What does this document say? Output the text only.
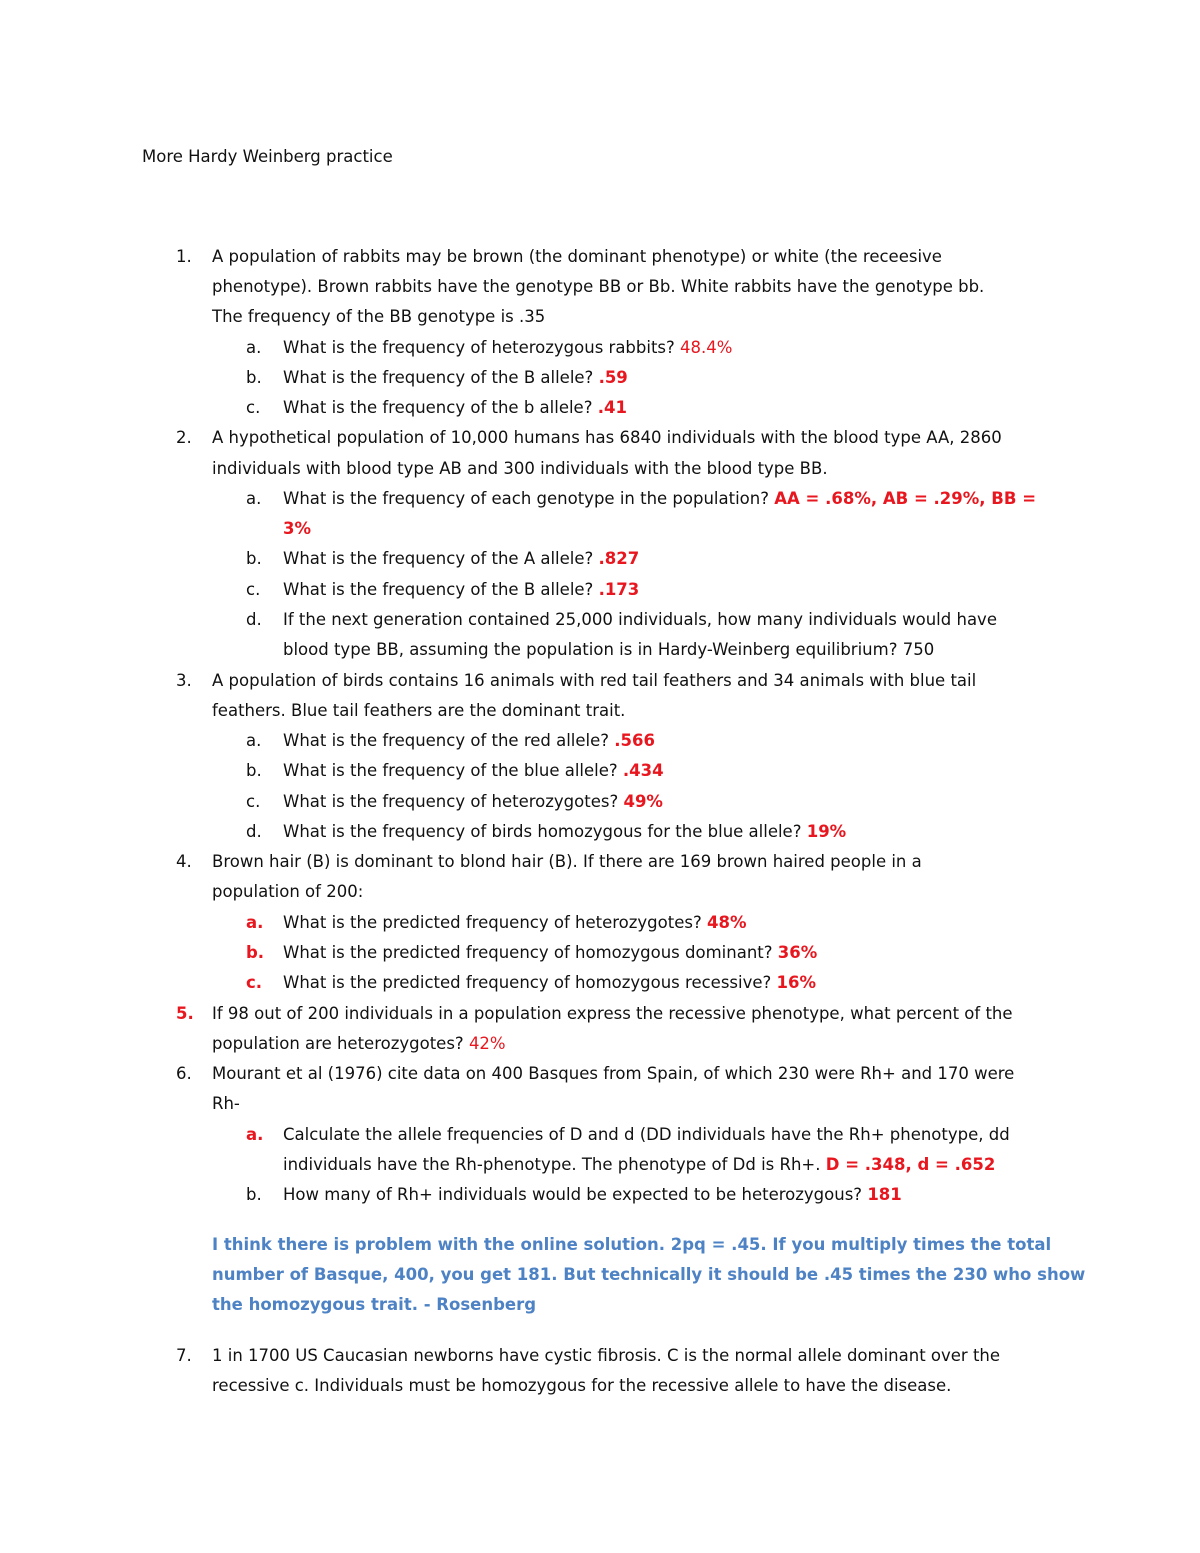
More Hardy Weinberg practice
1.	A population of rabbits may be brown (the dominant phenotype) or white (the receesive
phenotype). Brown rabbits have the genotype BB or Bb. White rabbits have the genotype bb.
The frequency of the BB genotype is .35
a.	What is the frequency of heterozygous rabbits? 48.4%
b.	What is the frequency of the B allele? .59
c.	What is the frequency of the b allele? .41
2.	A hypothetical population of 10,000 humans has 6840 individuals with the blood type AA, 2860
individuals with blood type AB and 300 individuals with the blood type BB.
a.	What is the frequency of each genotype in the population? AA = .68%, AB = .29%, BB =
3%
b.	What is the frequency of the A allele? .827
c.	What is the frequency of the B allele? .173
d.	If the next generation contained 25,000 individuals, how many individuals would have
blood type BB, assuming the population is in Hardy-Weinberg equilibrium? 750
3.	A population of birds contains 16 animals with red tail feathers and 34 animals with blue tail
feathers. Blue tail feathers are the dominant trait.
a.	What is the frequency of the red allele? .566
b.	What is the frequency of the blue allele? .434
c.	What is the frequency of heterozygotes? 49%
d.	What is the frequency of birds homozygous for the blue allele? 19%
4.	Brown hair (B) is dominant to blond hair (B). If there are 169 brown haired people in a
population of 200:
a.	What is the predicted frequency of heterozygotes? 48%
b.	What is the predicted frequency of homozygous dominant? 36%
c.	What is the predicted frequency of homozygous recessive? 16%
5.	If 98 out of 200 individuals in a population express the recessive phenotype, what percent of the
population are heterozygotes? 42%
6.	Mourant et al (1976) cite data on 400 Basques from Spain, of which 230 were Rh+ and 170 were
Rh-
a.	Calculate the allele frequencies of D and d (DD individuals have the Rh+ phenotype, dd
individuals have the Rh-phenotype. The phenotype of Dd is Rh+. D = .348, d = .652
b.	How many of Rh+ individuals would be expected to be heterozygous? 181
I think there is problem with the online solution. 2pq = .45. If you multiply times the total
number of Basque, 400, you get 181. But technically it should be .45 times the 230 who show
the homozygous trait. - Rosenberg
7.	1 in 1700 US Caucasian newborns have cystic fibrosis. C is the normal allele dominant over the
recessive c. Individuals must be homozygous for the recessive allele to have the disease.
